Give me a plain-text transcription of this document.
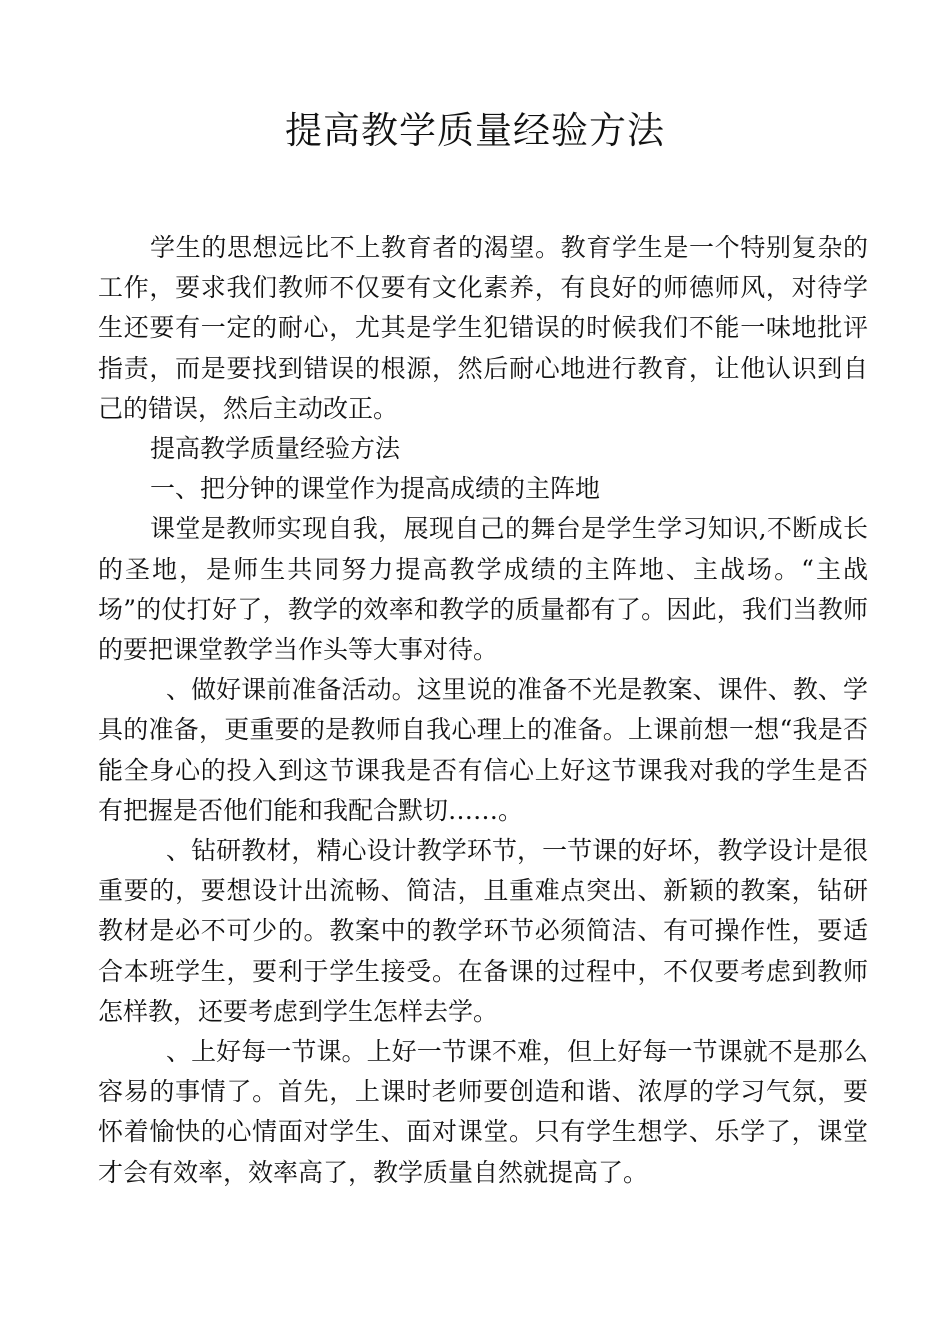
提高教学质量经验方法

学生的思想远比不上教育者的渴望。教育学生是一个特别复杂的工作，要求我们教师不仅要有文化素养，有良好的师德师风，对待学生还要有一定的耐心，尤其是学生犯错误的时候我们不能一味地批评指责，而是要找到错误的根源，然后耐心地进行教育，让他认识到自己的错误，然后主动改正。

提高教学质量经验方法

一、把分钟的课堂作为提高成绩的主阵地

课堂是教师实现自我，展现自己的舞台是学生学习知识,不断成长的圣地，是师生共同努力提高教学成绩的主阵地、主战场。“主战场”的仗打好了，教学的效率和教学的质量都有了。因此，我们当教师的要把课堂教学当作头等大事对待。

、做好课前准备活动。这里说的准备不光是教案、课件、教、学具的准备，更重要的是教师自我心理上的准备。上课前想一想“我是否能全身心的投入到这节课我是否有信心上好这节课我对我的学生是否有把握是否他们能和我配合默切……。

、钻研教材，精心设计教学环节，一节课的好坏，教学设计是很重要的，要想设计出流畅、简洁，且重难点突出、新颖的教案，钻研教材是必不可少的。教案中的教学环节必须简洁、有可操作性，要适合本班学生，要利于学生接受。在备课的过程中，不仅要考虑到教师怎样教，还要考虑到学生怎样去学。

、上好每一节课。上好一节课不难，但上好每一节课就不是那么容易的事情了。首先，上课时老师要创造和谐、浓厚的学习气氛，要怀着愉快的心情面对学生、面对课堂。只有学生想学、乐学了，课堂才会有效率，效率高了，教学质量自然就提高了。
